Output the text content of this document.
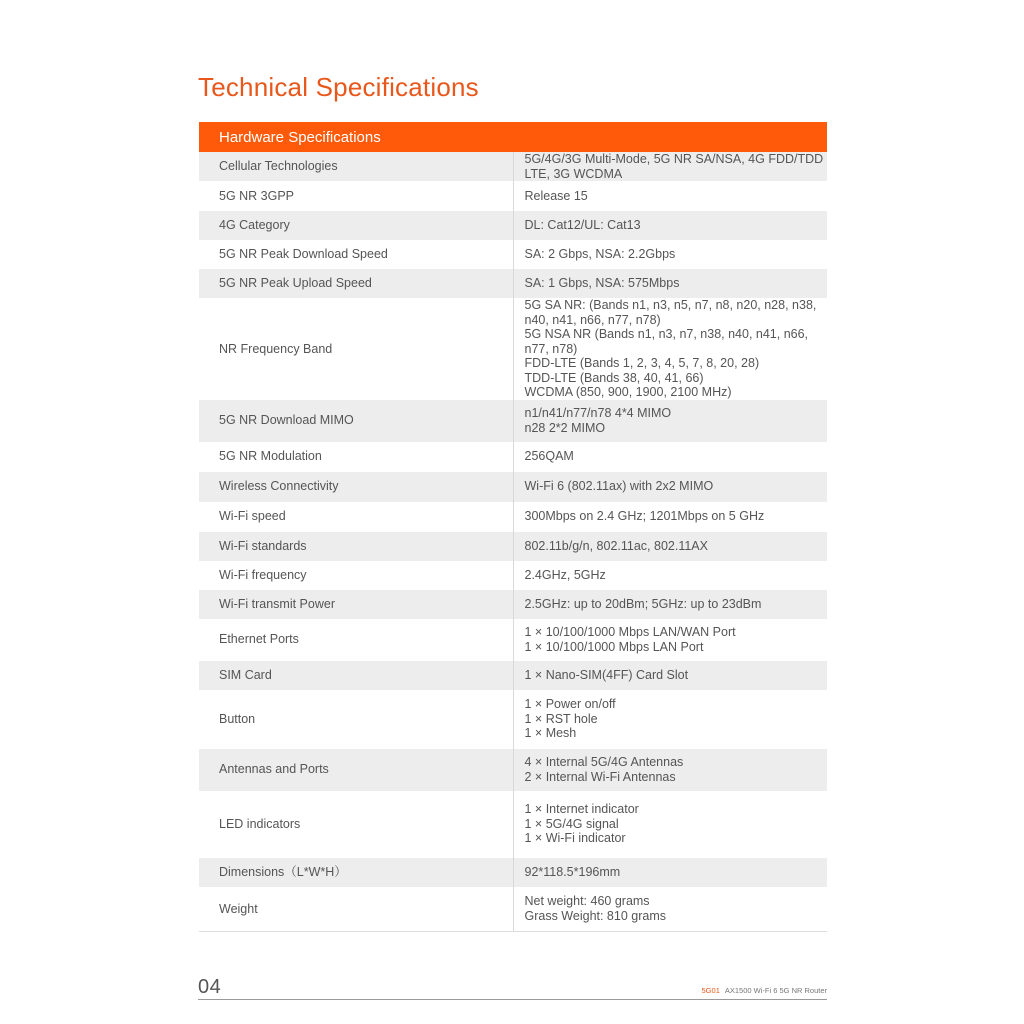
Technical Specifications
Hardware Specifications	
Cellular Technologies	5G/4G/3G Multi-Mode, 5G NR SA/NSA, 4G FDD/TDD LTE, 3G WCDMA
5G NR 3GPP	Release 15
4G Category	DL: Cat12/UL: Cat13
5G NR Peak Download Speed	SA: 2 Gbps, NSA: 2.2Gbps
5G NR Peak Upload Speed	SA: 1 Gbps, NSA: 575Mbps
NR Frequency Band	5G SA NR: (Bands n1, n3, n5, n7, n8, n20, n28, n38, n40, n41, n66, n77, n78)
5G NSA NR (Bands n1, n3, n7, n38, n40, n41, n66, n77, n78)
FDD-LTE (Bands 1, 2, 3, 4, 5, 7, 8, 20, 28)
TDD-LTE (Bands 38, 40, 41, 66)
WCDMA (850, 900, 1900, 2100 MHz)
5G NR Download MIMO	n1/n41/n77/n78 4*4 MIMO
n28 2*2 MIMO
5G NR Modulation	256QAM
Wireless Connectivity	Wi-Fi 6 (802.11ax) with 2x2 MIMO
Wi-Fi speed	300Mbps on 2.4 GHz; 1201Mbps on 5 GHz
Wi-Fi standards	802.11b/g/n, 802.11ac, 802.11AX
Wi-Fi frequency	2.4GHz, 5GHz
Wi-Fi transmit Power	2.5GHz: up to 20dBm; 5GHz: up to 23dBm
Ethernet Ports	1 × 10/100/1000 Mbps LAN/WAN Port
1 × 10/100/1000 Mbps LAN Port
SIM Card	1 × Nano-SIM(4FF) Card Slot
Button	1 × Power on/off
1 × RST hole
1 × Mesh
Antennas and Ports	4 × Internal 5G/4G Antennas
2 × Internal Wi-Fi Antennas
LED indicators	1 × Internet indicator
1 × 5G/4G signal
1 × Wi-Fi indicator
Dimensions（L*W*H）	92*118.5*196mm
Weight	Net weight: 460 grams
Grass Weight: 810 grams
04	5G01 AX1500 Wi-Fi 6 5G NR Router
